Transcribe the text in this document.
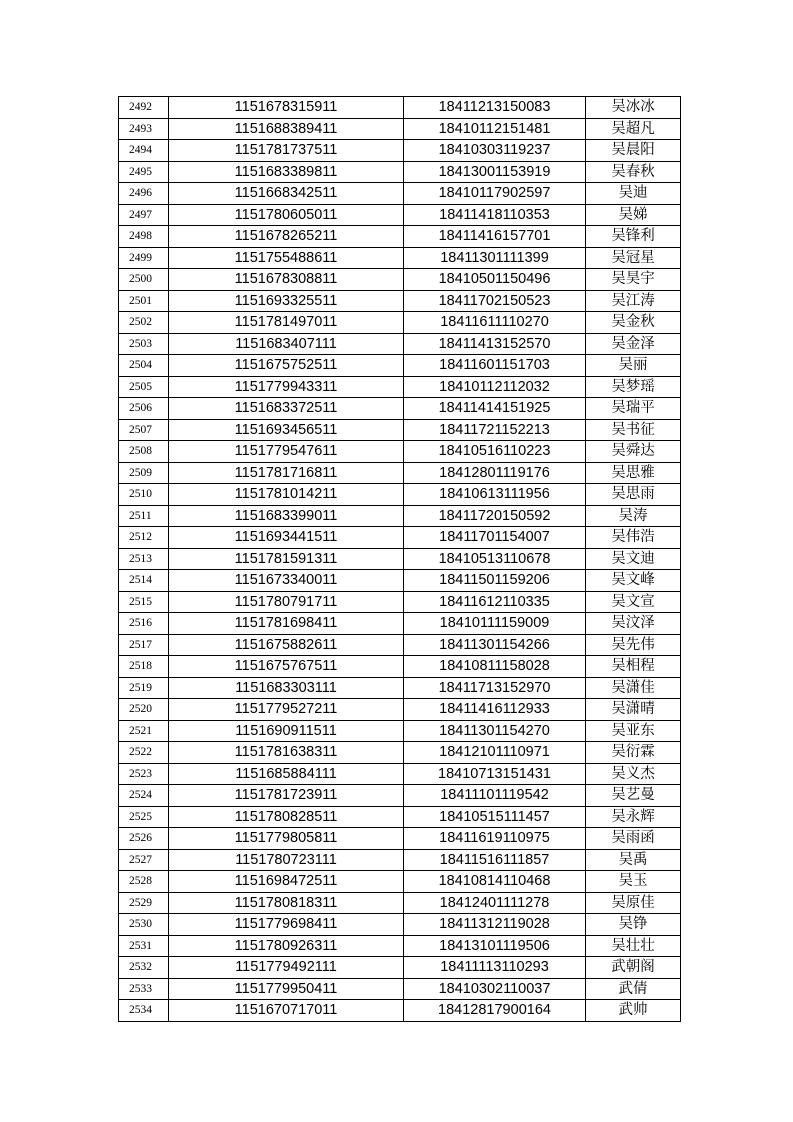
2492	1151678315911	18411213150083	吴冰冰
2493	1151688389411	18410112151481	吴超凡
2494	1151781737511	18410303119237	吴晨阳
2495	1151683389811	18413001153919	吴春秋
2496	1151668342511	18410117902597	吴迪
2497	1151780605011	18411418110353	吴娣
2498	1151678265211	18411416157701	吴锋利
2499	1151755488611	18411301111399	吴冠星
2500	1151678308811	18410501150496	吴昊宇
2501	1151693325511	18411702150523	吴江涛
2502	1151781497011	18411611110270	吴金秋
2503	1151683407111	18411413152570	吴金泽
2504	1151675752511	18411601151703	吴丽
2505	1151779943311	18410112112032	吴梦瑶
2506	1151683372511	18411414151925	吴瑞平
2507	1151693456511	18411721152213	吴书征
2508	1151779547611	18410516110223	吴舜达
2509	1151781716811	18412801119176	吴思雅
2510	1151781014211	18410613111956	吴思雨
2511	1151683399011	18411720150592	吴涛
2512	1151693441511	18411701154007	吴伟浩
2513	1151781591311	18410513110678	吴文迪
2514	1151673340011	18411501159206	吴文峰
2515	1151780791711	18411612110335	吴文宣
2516	1151781698411	18410111159009	吴汶泽
2517	1151675882611	18411301154266	吴先伟
2518	1151675767511	18410811158028	吴相程
2519	1151683303111	18411713152970	吴潇佳
2520	1151779527211	18411416112933	吴潇晴
2521	1151690911511	18411301154270	吴亚东
2522	1151781638311	18412101110971	吴衍霖
2523	1151685884111	18410713151431	吴义杰
2524	1151781723911	18411101119542	吴艺曼
2525	1151780828511	18410515111457	吴永辉
2526	1151779805811	18411619110975	吴雨函
2527	1151780723111	18411516111857	吴禹
2528	1151698472511	18410814110468	吴玉
2529	1151780818311	18412401111278	吴原佳
2530	1151779698411	18411312119028	吴铮
2531	1151780926311	18413101119506	吴壮壮
2532	1151779492111	18411113110293	武朝阁
2533	1151779950411	18410302110037	武倩
2534	1151670717011	18412817900164	武帅
